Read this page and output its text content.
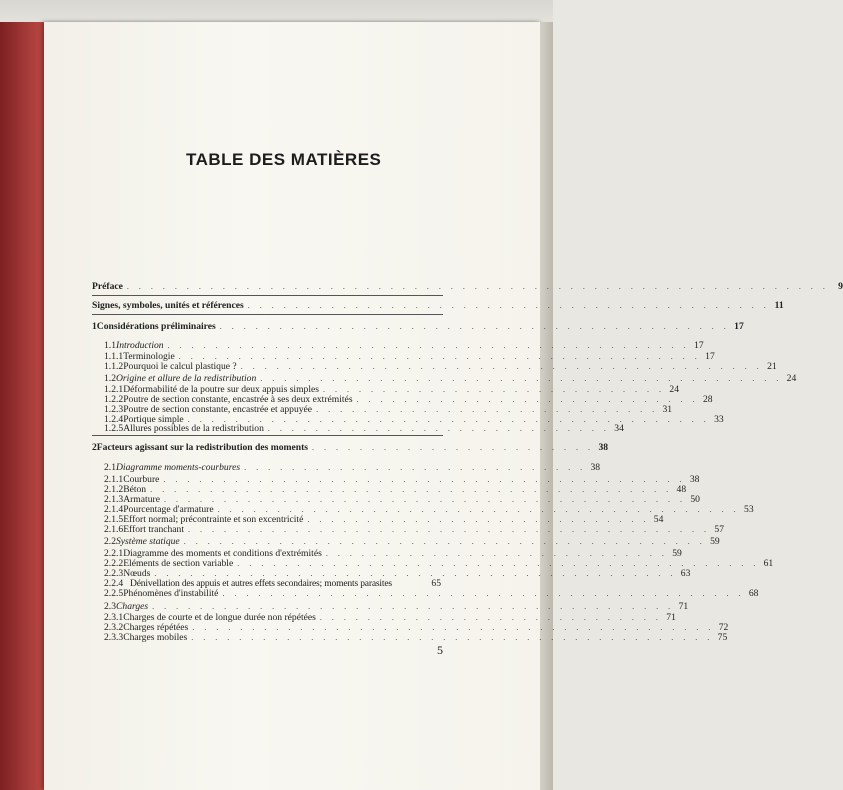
TABLE DES MATIÈRES
Préface . . . . . . . . . . . . . . . . . . . . . . . . . . . . . . . . . . . . . . . . . . . . . . . . . . . . . . . . . . . 9
Signes, symboles, unités et références . . . . . . . . . . . . . . . . . . . . . . . . . . . . . . . . . . . . . . . . . . . . 11
1 Considérations préliminaires . . . . . . . . . . . . . . . . . . . . . . . . . . . . . . . . . . . . . . . . . . . 17
1.1 Introduction . . . . . . . . . . . . . . . . . . . . . . . . . . . . . . . . . . . . . . . . . . . . 17
1.1.1 Terminologie . . . . . . . . . . . . . . . . . . . . . . . . . . . . . . . . . . . . . . . . . . . . 17
1.1.2 Pourquoi le calcul plastique ? . . . . . . . . . . . . . . . . . . . . . . . . . . . . . . . . . . . . . . . . . . . . 21
1.2 Origine et allure de la redistribution . . . . . . . . . . . . . . . . . . . . . . . . . . . . . . . . . . . . . . . . . . . . 24
1.2.1 Déformabilité de la poutre sur deux appuis simples . . . . . . . . . . . . . . . . . . . . . . . . . . . . . 24
1.2.2 Poutre de section constante, encastrée à ses deux extrémités . . . . . . . . . . . . . . . . . . . . . . . . . . . . . 28
1.2.3 Poutre de section constante, encastrée et appuyée . . . . . . . . . . . . . . . . . . . . . . . . . . . . . 31
1.2.4 Portique simple . . . . . . . . . . . . . . . . . . . . . . . . . . . . . . . . . . . . . . . . . . . . 33
1.2.5 Allures possibles de la redistribution . . . . . . . . . . . . . . . . . . . . . . . . . . . . . 34
2 Facteurs agissant sur la redistribution des moments . . . . . . . . . . . . . . . . . . . . . . . . 38
2.1 Diagramme moments-courbures . . . . . . . . . . . . . . . . . . . . . . . . . . . . . 38
2.1.1 Courbure . . . . . . . . . . . . . . . . . . . . . . . . . . . . . . . . . . . . . . . . . . . . 38
2.1.2 Béton . . . . . . . . . . . . . . . . . . . . . . . . . . . . . . . . . . . . . . . . . . . . 48
2.1.3 Armature . . . . . . . . . . . . . . . . . . . . . . . . . . . . . . . . . . . . . . . . . . . . 50
2.1.4 Pourcentage d'armature . . . . . . . . . . . . . . . . . . . . . . . . . . . . . . . . . . . . . . . . . . . . 53
2.1.5 Effort normal; précontrainte et son excentricité . . . . . . . . . . . . . . . . . . . . . . . . . . . . . 54
2.1.6 Effort tranchant . . . . . . . . . . . . . . . . . . . . . . . . . . . . . . . . . . . . . . . . . . . . 57
2.2 Système statique . . . . . . . . . . . . . . . . . . . . . . . . . . . . . . . . . . . . . . . . . . . . 59
2.2.1 Diagramme des moments et conditions d'extrémités . . . . . . . . . . . . . . . . . . . . . . . . . . . . . 59
2.2.2 Eléments de section variable . . . . . . . . . . . . . . . . . . . . . . . . . . . . . . . . . . . . . . . . . . . . 61
2.2.3 Nœuds . . . . . . . . . . . . . . . . . . . . . . . . . . . . . . . . . . . . . . . . . . . . 63
2.2.4 Dénivellation des appuis et autres effets secondaires; moments parasites	65
2.2.5 Phénomènes d'instabilité . . . . . . . . . . . . . . . . . . . . . . . . . . . . . . . . . . . . . . . . . . . . 68
2.3 Charges . . . . . . . . . . . . . . . . . . . . . . . . . . . . . . . . . . . . . . . . . . . . 71
2.3.1 Charges de courte et de longue durée non répétées . . . . . . . . . . . . . . . . . . . . . . . . . . . . . 71
2.3.2 Charges répétées . . . . . . . . . . . . . . . . . . . . . . . . . . . . . . . . . . . . . . . . . . . . 72
2.3.3 Charges mobiles . . . . . . . . . . . . . . . . . . . . . . . . . . . . . . . . . . . . . . . . . . . . 75
5
